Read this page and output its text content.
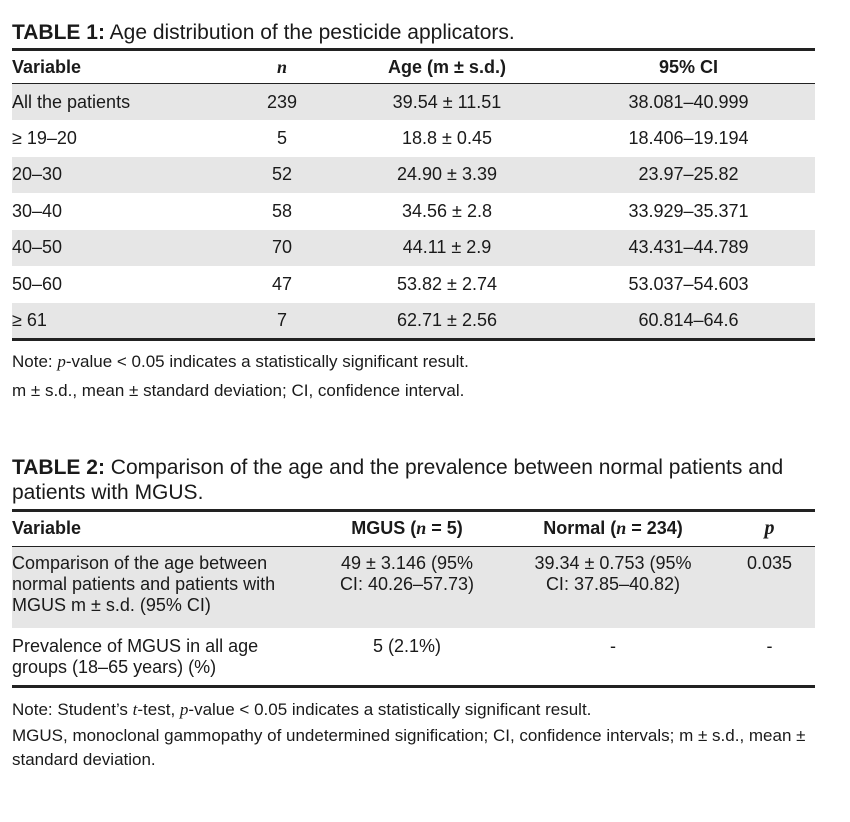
TABLE 1: Age distribution of the pesticide applicators.

Variable	n	Age (m ± s.d.)	95% CI
All the patients	239	39.54 ± 11.51	38.081–40.999
≥ 19–20	5	18.8 ± 0.45	18.406–19.194
20–30	52	24.90 ± 3.39	23.97–25.82
30–40	58	34.56 ± 2.8	33.929–35.371
40–50	70	44.11 ± 2.9	43.431–44.789
50–60	47	53.82 ± 2.74	53.037–54.603
≥ 61	7	62.71 ± 2.56	60.814–64.6

Note: p-value < 0.05 indicates a statistically significant result.

m ± s.d., mean ± standard deviation; CI, confidence interval.

TABLE 2: Comparison of the age and the prevalence between normal patients and patients with MGUS.

Variable	MGUS (n = 5)	Normal (n = 234)	p
Comparison of the age between normal patients and patients with MGUS m ± s.d. (95% CI)	49 ± 3.146 (95% CI: 40.26–57.73)	39.34 ± 0.753 (95% CI: 37.85–40.82)	0.035
Prevalence of MGUS in all age groups (18–65 years) (%)	5 (2.1%)	-	-

Note: Student’s t-test, p-value < 0.05 indicates a statistically significant result.

MGUS, monoclonal gammopathy of undetermined signification; CI, confidence intervals; m ± s.d., mean ± standard deviation.
